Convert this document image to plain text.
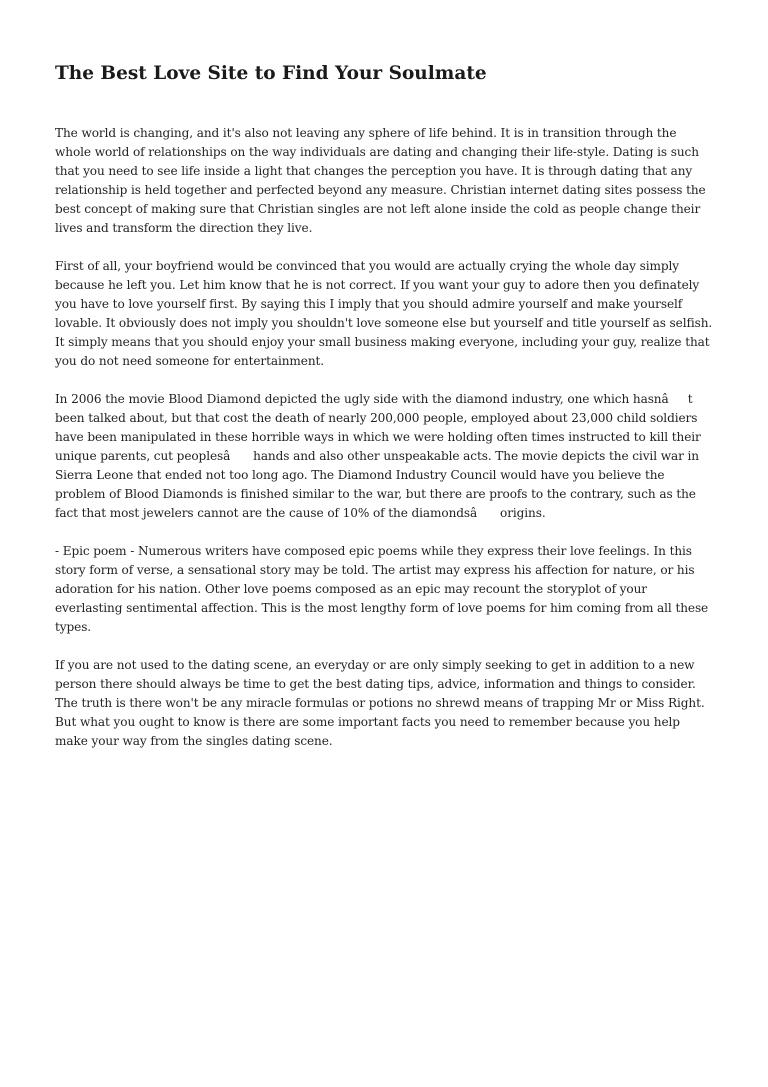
The Best Love Site to Find Your Soulmate

The world is changing, and it's also not leaving any sphere of life behind. It is in transition through the whole world of relationships on the way individuals are dating and changing their life-style. Dating is such that you need to see life inside a light that changes the perception you have. It is through dating that any relationship is held together and perfected beyond any measure. Christian internet dating sites possess the best concept of making sure that Christian singles are not left alone inside the cold as people change their lives and transform the direction they live.

First of all, your boyfriend would be convinced that you would are actually crying the whole day simply because he left you. Let him know that he is not correct. If you want your guy to adore then you definately you have to love yourself first. By saying this I imply that you should admire yourself and make yourself lovable. It obviously does not imply you shouldn't love someone else but yourself and title yourself as selfish. It simply means that you should enjoy your small business making everyone, including your guy, realize that you do not need someone for entertainment.

In 2006 the movie Blood Diamond depicted the ugly side with the diamond industry, one which hasnât been talked about, but that cost the death of nearly 200,000 people, employed about 23,000 child soldiers have been manipulated in these horrible ways in which we were holding often times instructed to kill their unique parents, cut peoplesâ hands and also other unspeakable acts. The movie depicts the civil war in Sierra Leone that ended not too long ago. The Diamond Industry Council would have you believe the problem of Blood Diamonds is finished similar to the war, but there are proofs to the contrary, such as the fact that most jewelers cannot are the cause of 10% of the diamondsâ origins.

- Epic poem - Numerous writers have composed epic poems while they express their love feelings. In this story form of verse, a sensational story may be told. The artist may express his affection for nature, or his adoration for his nation. Other love poems composed as an epic may recount the storyplot of your everlasting sentimental affection. This is the most lengthy form of love poems for him coming from all these types.

If you are not used to the dating scene, an everyday or are only simply seeking to get in addition to a new person there should always be time to get the best dating tips, advice, information and things to consider. The truth is there won't be any miracle formulas or potions no shrewd means of trapping Mr or Miss Right. But what you ought to know is there are some important facts you need to remember because you help make your way from the singles dating scene.
